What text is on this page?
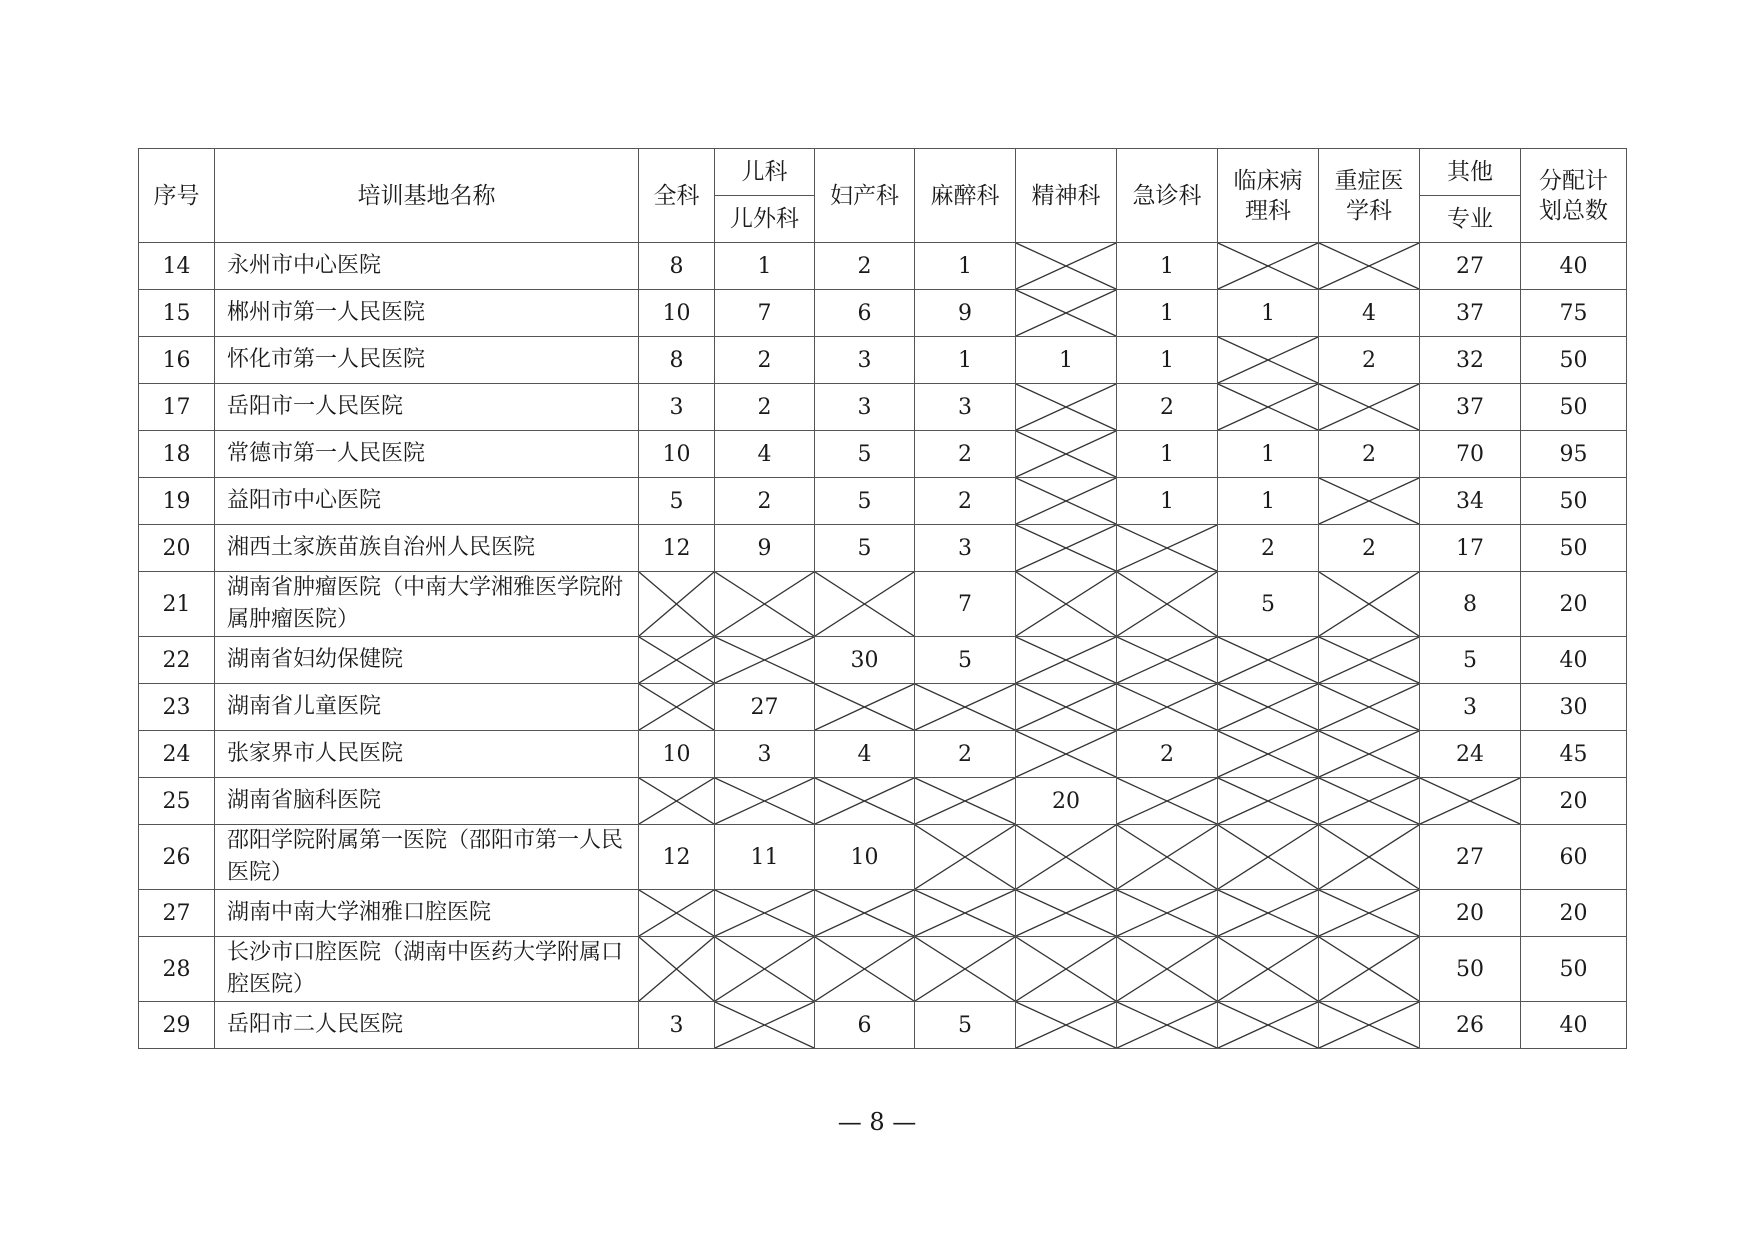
序号	培训基地名称	全科	儿科	妇产科	麻醉科	精神科	急诊科	临床病理科	重症医学科	其他	分配计划总数
			儿外科							专业	
14	永州市中心医院	8	1	2	1		1			27	40
15	郴州市第一人民医院	10	7	6	9		1	1	4	37	75
16	怀化市第一人民医院	8	2	3	1	1	1		2	32	50
17	岳阳市一人民医院	3	2	3	3		2			37	50
18	常德市第一人民医院	10	4	5	2		1	1	2	70	95
19	益阳市中心医院	5	2	5	2		1	1		34	50
20	湘西土家族苗族自治州人民医院	12	9	5	3			2	2	17	50
21	湖南省肿瘤医院（中南大学湘雅医学院附属肿瘤医院）				7			5		8	20
22	湖南省妇幼保健院			30	5					5	40
23	湖南省儿童医院		27							3	30
24	张家界市人民医院	10	3	4	2		2			24	45
25	湖南省脑科医院					20					20
26	邵阳学院附属第一医院（邵阳市第一人民医院）	12	11	10						27	60
27	湖南中南大学湘雅口腔医院									20	20
28	长沙市口腔医院（湖南中医药大学附属口腔医院）									50	50
29	岳阳市二人民医院	3		6	5					26	40
— 8 —
